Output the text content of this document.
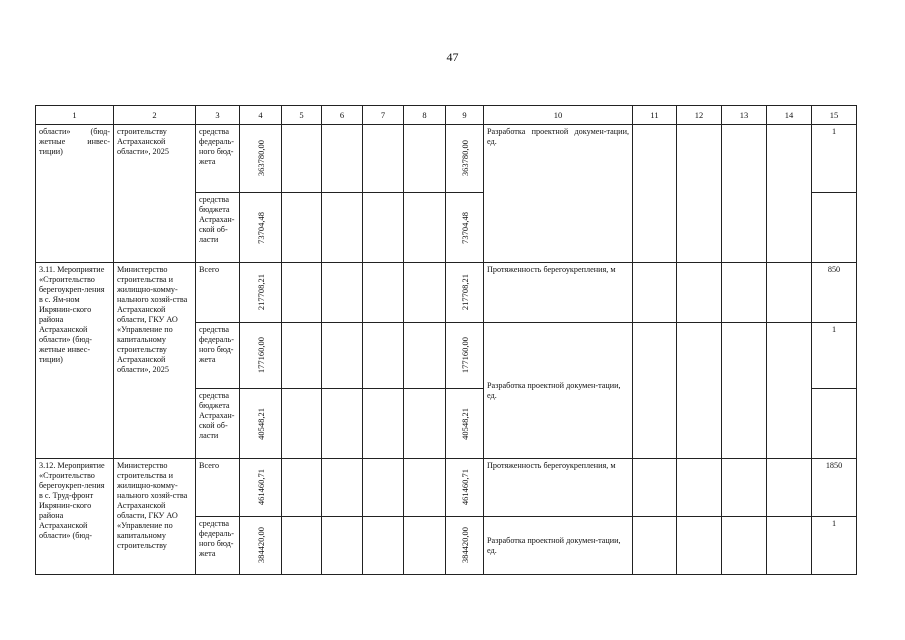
47
1	2	3	4	5	6	7	8	9	10	11	12	13	14	15
области» (бюд-жетные инвес-тиции)	строительству Астраханской области», 2025	средства федераль-ного бюд-жета	363780,00					363780,00	Разработка проектной докумен-тации, ед.					1
		средства бюджета Астрахан-ской об-ласти	73704,48					73704,48						

3.11. Мероприятие «Строительство берегоукреп-ления в с. Ям-ном Икрянин-ского района Астраханской области» (бюд-жетные инвес-тиции)	Министерство строительства и жилищно-комму-нального хозяй-ства Астраханской области, ГКУ АО «Управление по капитальному строительству Астраханской области», 2025	Всего	217708,21					217708,21	Протяженность берегоукрепления, м					850
		средства федераль-ного бюд-жета	177160,00					177160,00	Разработка проектной докумен-тации, ед.					1
		средства бюджета Астрахан-ской об-ласти	40548,21					40548,21						

3.12. Мероприятие «Строительство берегоукреп-ления в с. Труд-фронт Икрянин-ского района Астраханской области» (бюд-	Министерство строительства и жилищно-комму-нального хозяй-ства Астраханской области, ГКУ АО «Управление по капитальному строительству	Всего	461460,71					461460,71	Протяженность берегоукрепления, м					1850
		средства федераль-ного бюд-жета	384420,00					384420,00	Разработка проектной докумен-тации, ед.					1
